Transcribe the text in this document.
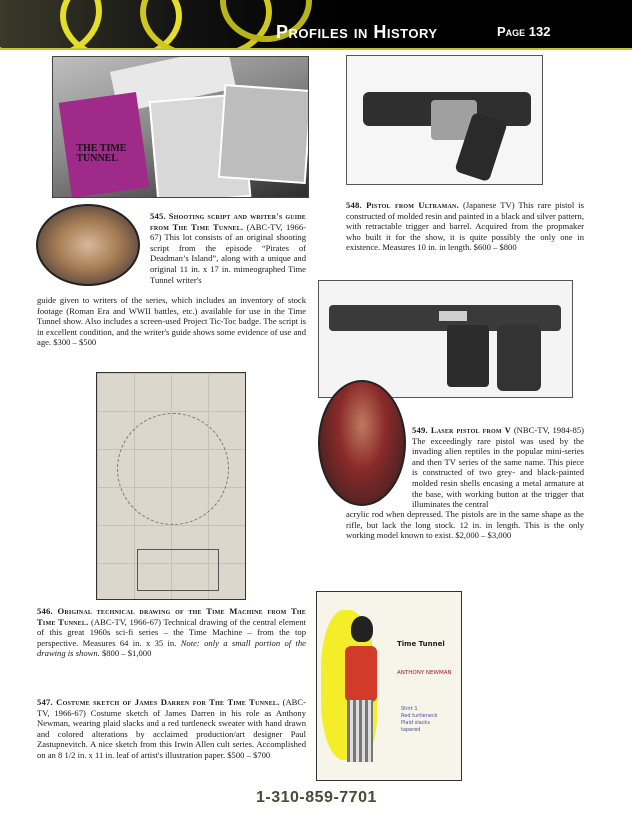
Profiles in History	Page 132
THE TIME TUNNEL
Time Tunnel
ANTHONY NEWMAN
Shirt 1
Red turtleneck
Plaid slacks
tapered
545. Shooting script and writer's guide from The Time Tunnel. (ABC-TV, 1966-67) This lot consists of an original shooting script from the episode “Pirates of Deadman’s Island”, along with a unique and original 11 in. x 17 in. mimeographed Time Tunnel writer's
guide given to writers of the series, which includes an inventory of stock footage (Roman Era and WWII battles, etc.) available for use in the Time Tunnel show. Also includes a screen-used Project Tic-Toc badge. The script is in excellent condition, and the writer's guide shows some evidence of use and age. $300 – $500
548. Pistol from Ultraman. (Japanese TV) This rare pistol is constructed of molded resin and painted in a black and silver pattern, with retractable trigger and barrel. Acquired from the propmaker who built it for the show, it is quite possibly the only one in existence. Measures 10 in. in length. $600 – $800
549. Laser pistol from V (NBC-TV, 1984-85) The exceedingly rare pistol was used by the invading alien reptiles in the popular mini-series and then TV series of the same name. This piece is constructed of two grey- and black-painted molded resin shells encasing a metal armature at the base, with working button at the trigger that illuminates the central
acrylic rod when depressed. The pistols are in the same shape as the rifle, but lack the long stock. 12 in. in length. This is the only working model known to exist. $2,000 – $3,000
546. Original technical drawing of the Time Machine from The Time Tunnel. (ABC-TV, 1966-67) Technical drawing of the central element of this great 1960s sci-fi series – the Time Machine – from the top perspective. Measures 64 in. x 35 in. Note: only a small portion of the drawing is shown. $800 – $1,000
547. Costume sketch of James Darren for The Time Tunnel. (ABC-TV, 1966-67) Costume sketch of James Darren in his role as Anthony Newman, wearing plaid slacks and a red turtleneck sweater with hand drawn and colored alterations by acclaimed production/art designer Paul Zastupnevitch. A nice sketch from this Irwin Allen cult series. Accomplished on an 8 1/2 in. x 11 in. leaf of artist's illustration paper. $500 – $700
1-310-859-7701
